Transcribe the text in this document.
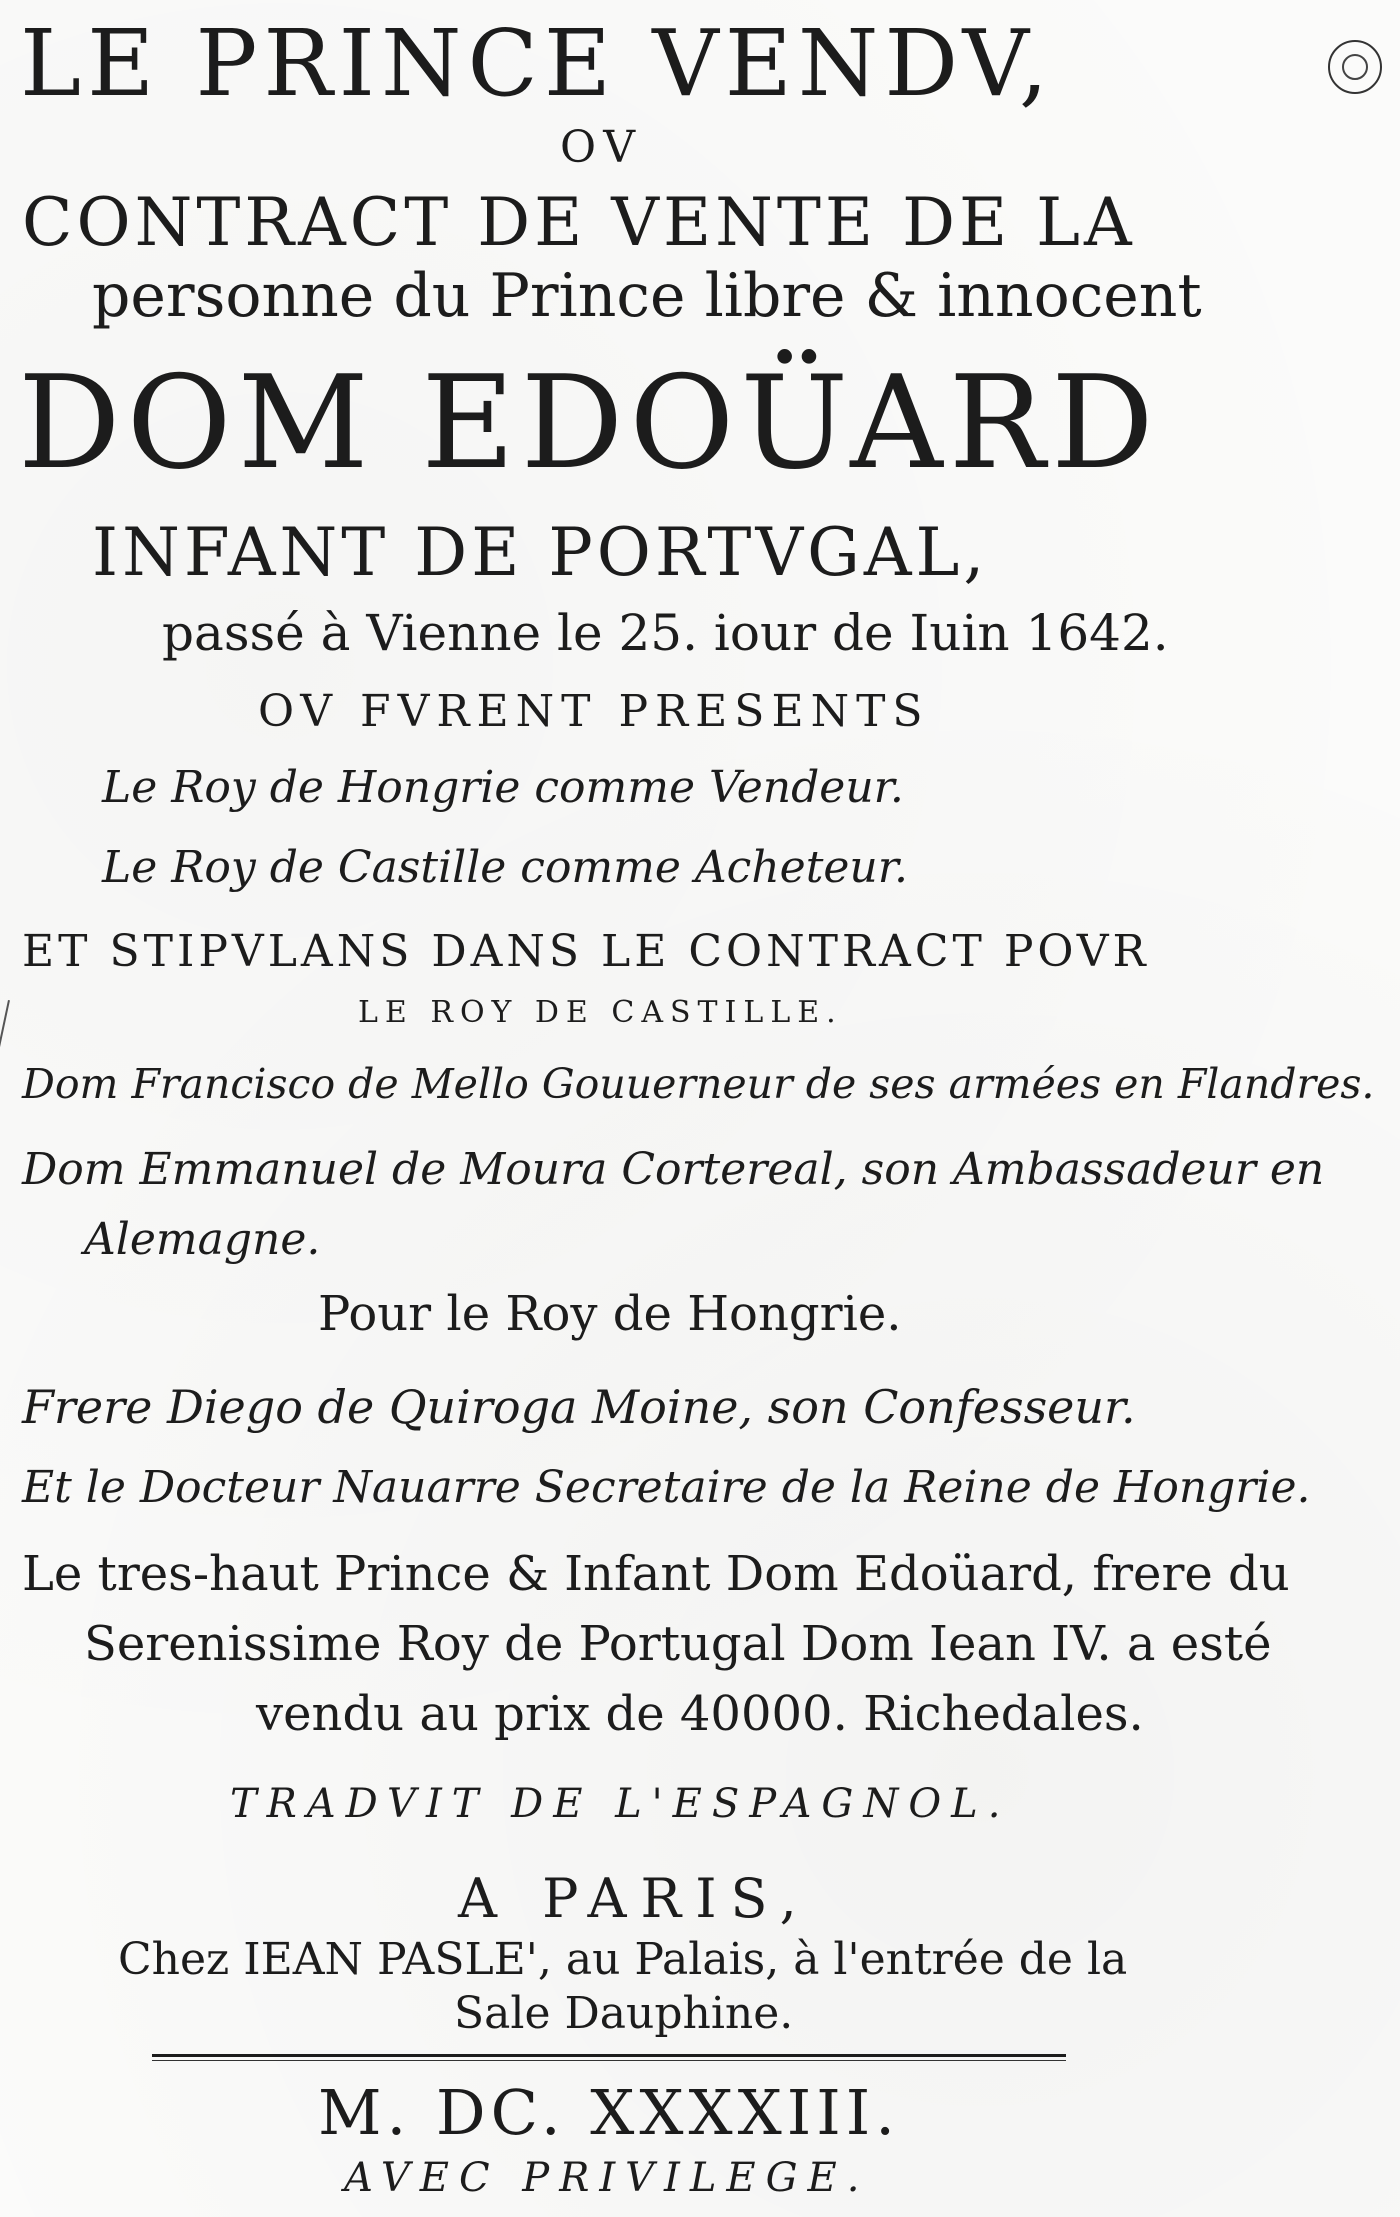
LE PRINCE VENDV,
OV
CONTRACT DE VENTE DE LA
personne du Prince libre & innocent
DOM EDOÜARD
INFANT DE PORTVGAL,
passé à Vienne le 25. iour de Iuin 1642.
OV FVRENT PRESENTS
Le Roy de Hongrie comme Vendeur.
Le Roy de Castille comme Acheteur.
ET STIPVLANS DANS LE CONTRACT POVR
LE ROY DE CASTILLE.
Dom Francisco de Mello Gouuerneur de ses armées en Flandres.
Dom Emmanuel de Moura Cortereal, son Ambassadeur en
Alemagne.
Pour le Roy de Hongrie.
Frere Diego de Quiroga Moine, son Confesseur.
Et le Docteur Nauarre Secretaire de la Reine de Hongrie.
Le tres-haut Prince & Infant Dom Edoüard, frere du
Serenissime Roy de Portugal Dom Iean IV. a esté
vendu au prix de 40000. Richedales.
TRADVIT DE L'ESPAGNOL.
A PARIS,
Chez IEAN PASLE', au Palais, à l'entrée de la
Sale Dauphine.
M. DC. XXXXIII.
AVEC PRIVILEGE.
